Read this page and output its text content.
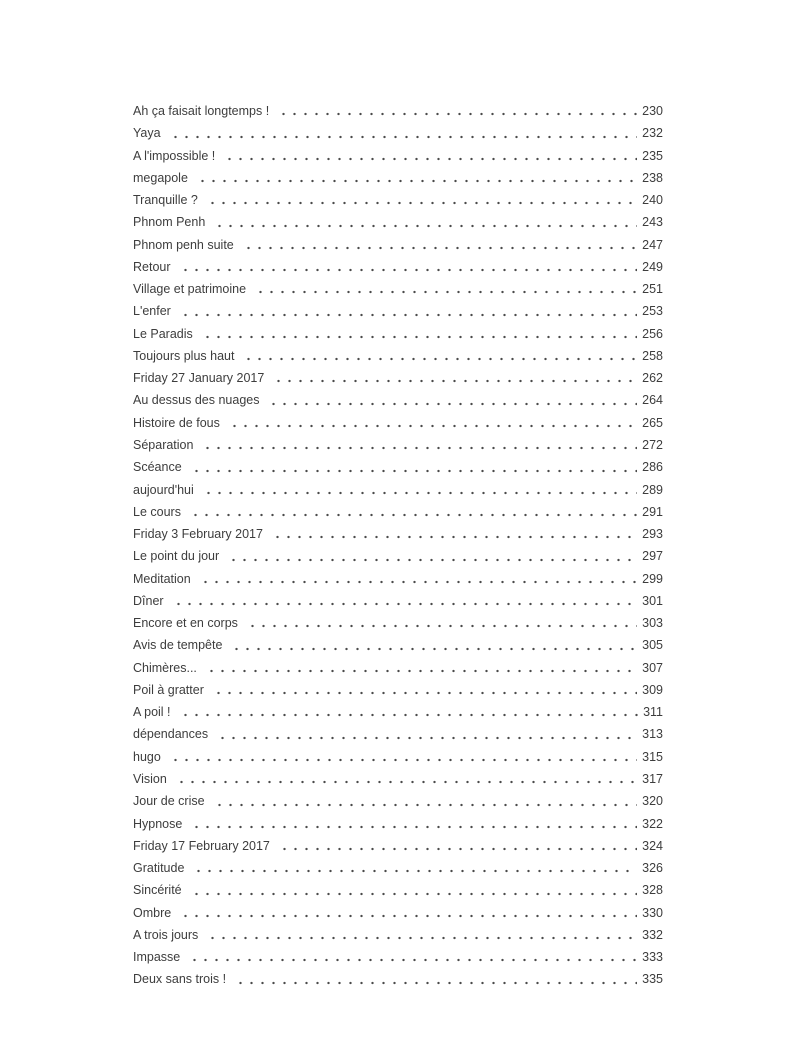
Ah ça faisait longtemps !	230
Yaya	232
A l'impossible !	235
megapole	238
Tranquille ?	240
Phnom Penh	243
Phnom penh suite	247
Retour	249
Village et patrimoine	251
L'enfer	253
Le Paradis	256
Toujours plus haut	258
Friday 27 January 2017	262
Au dessus des nuages	264
Histoire de fous	265
Séparation	272
Scéance	286
aujourd'hui	289
Le cours	291
Friday 3 February 2017	293
Le point du jour	297
Meditation	299
Dîner	301
Encore et en corps	303
Avis de tempête	305
Chimères...	307
Poil à gratter	309
A poil !	311
dépendances	313
hugo	315
Vision	317
Jour de crise	320
Hypnose	322
Friday 17 February 2017	324
Gratitude	326
Sincérité	328
Ombre	330
A trois jours	332
Impasse	333
Deux sans trois !	335
